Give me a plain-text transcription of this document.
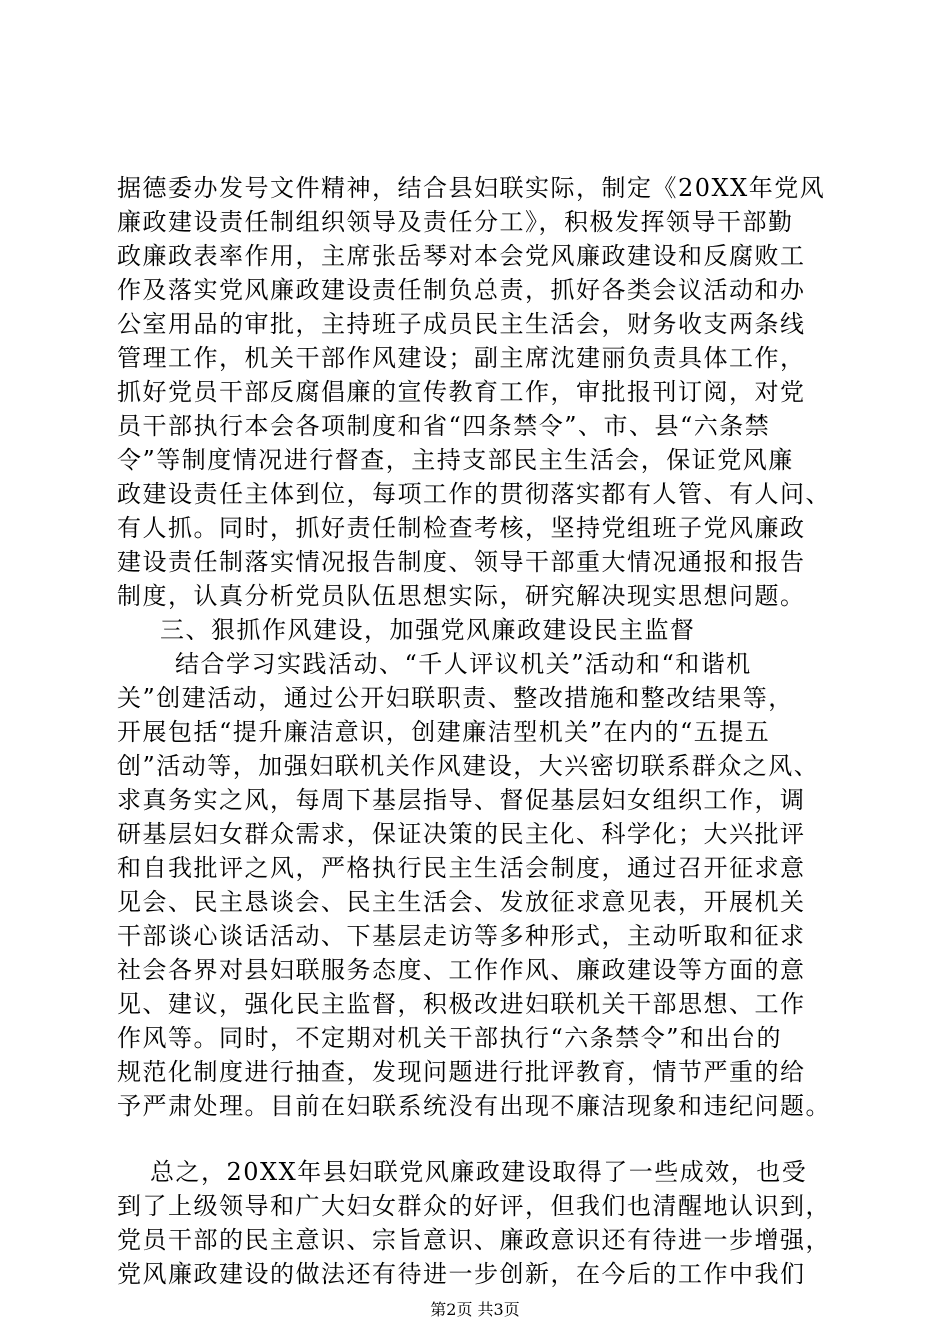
据德委办发号文件精神，结合县妇联实际，制定《20XX年党风
廉政建设责任制组织领导及责任分工》，积极发挥领导干部勤
政廉政表率作用，主席张岳琴对本会党风廉政建设和反腐败工
作及落实党风廉政建设责任制负总责，抓好各类会议活动和办
公室用品的审批，主持班子成员民主生活会，财务收支两条线
管理工作，机关干部作风建设；副主席沈建丽负责具体工作，
抓好党员干部反腐倡廉的宣传教育工作，审批报刊订阅，对党
员干部执行本会各项制度和省“四条禁令”、市、县“六条禁
令”等制度情况进行督查，主持支部民主生活会，保证党风廉
政建设责任主体到位，每项工作的贯彻落实都有人管、有人问、
有人抓。同时，抓好责任制检查考核，坚持党组班子党风廉政
建设责任制落实情况报告制度、领导干部重大情况通报和报告
制度，认真分析党员队伍思想实际，研究解决现实思想问题。
三、狠抓作风建设，加强党风廉政建设民主监督
结合学习实践活动、“千人评议机关”活动和“和谐机
关”创建活动，通过公开妇联职责、整改措施和整改结果等，
开展包括“提升廉洁意识，创建廉洁型机关”在内的“五提五
创”活动等，加强妇联机关作风建设，大兴密切联系群众之风、
求真务实之风，每周下基层指导、督促基层妇女组织工作，调
研基层妇女群众需求，保证决策的民主化、科学化；大兴批评
和自我批评之风，严格执行民主生活会制度，通过召开征求意
见会、民主恳谈会、民主生活会、发放征求意见表，开展机关
干部谈心谈话活动、下基层走访等多种形式，主动听取和征求
社会各界对县妇联服务态度、工作作风、廉政建设等方面的意
见、建议，强化民主监督，积极改进妇联机关干部思想、工作
作风等。同时，不定期对机关干部执行“六条禁令”和出台的
规范化制度进行抽查，发现问题进行批评教育，情节严重的给
予严肃处理。目前在妇联系统没有出现不廉洁现象和违纪问题。
总之，20XX年县妇联党风廉政建设取得了一些成效，也受
到了上级领导和广大妇女群众的好评，但我们也清醒地认识到，
党员干部的民主意识、宗旨意识、廉政意识还有待进一步增强，
党风廉政建设的做法还有待进一步创新，在今后的工作中我们
第2页 共3页
